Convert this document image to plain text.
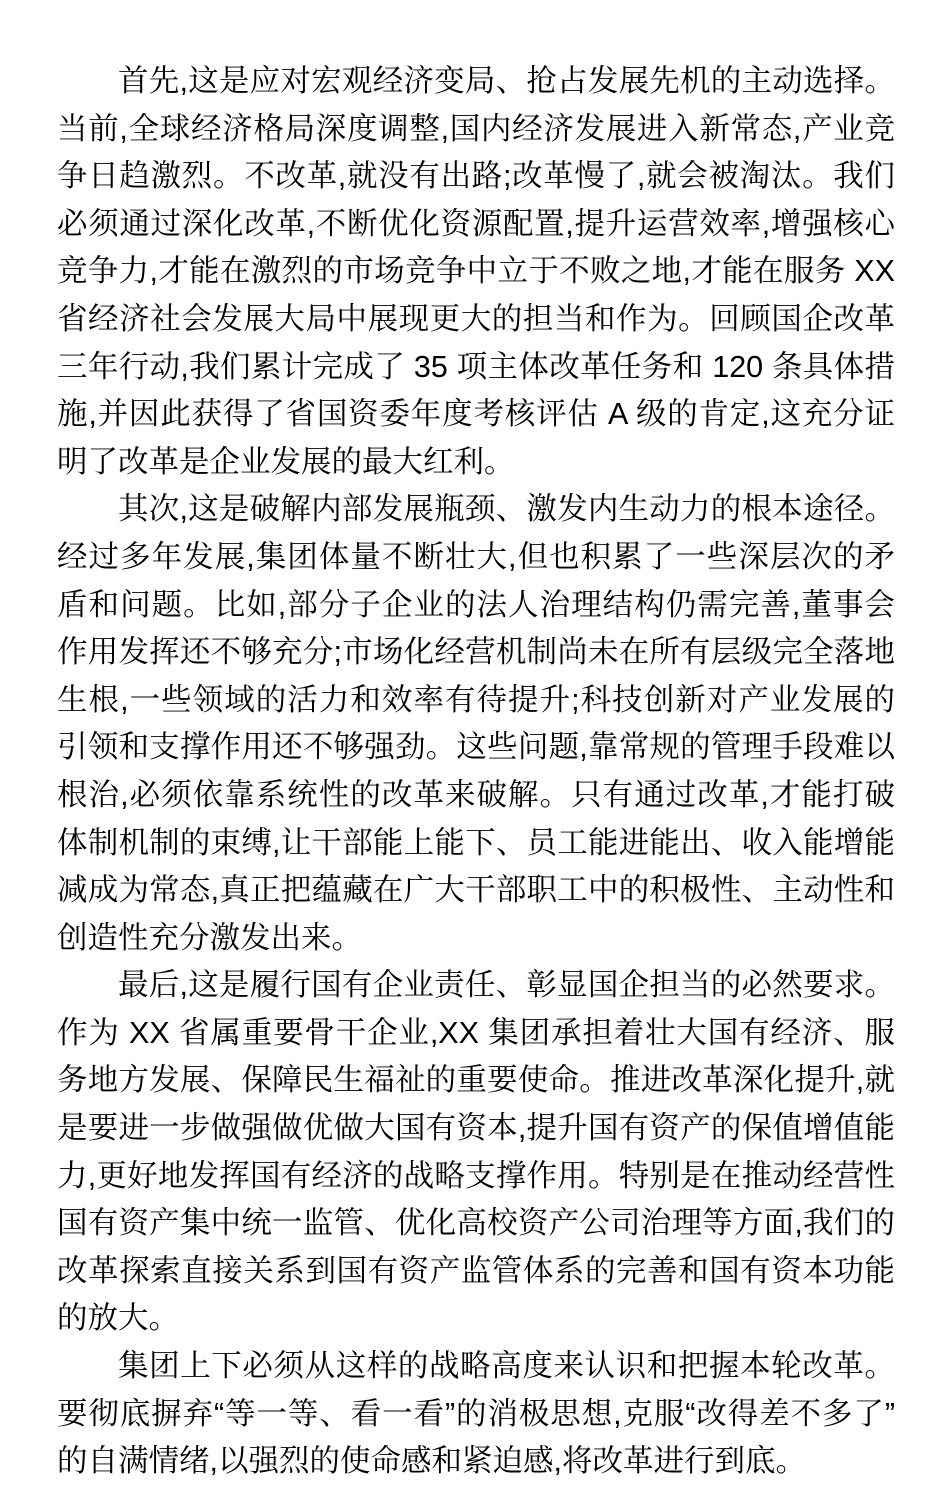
首先,这是应对宏观经济变局、抢占发展先机的主动选择。当前,全球经济格局深度调整,国内经济发展进入新常态,产业竞争日趋激烈。不改革,就没有出路;改革慢了,就会被淘汰。我们必须通过深化改革,不断优化资源配置,提升运营效率,增强核心竞争力,才能在激烈的市场竞争中立于不败之地,才能在服务 XX 省经济社会发展大局中展现更大的担当和作为。回顾国企改革三年行动,我们累计完成了 35 项主体改革任务和 120 条具体措施,并因此获得了省国资委年度考核评估 A 级的肯定,这充分证明了改革是企业发展的最大红利。

其次,这是破解内部发展瓶颈、激发内生动力的根本途径。经过多年发展,集团体量不断壮大,但也积累了一些深层次的矛盾和问题。比如,部分子企业的法人治理结构仍需完善,董事会作用发挥还不够充分;市场化经营机制尚未在所有层级完全落地生根,一些领域的活力和效率有待提升;科技创新对产业发展的引领和支撑作用还不够强劲。这些问题,靠常规的管理手段难以根治,必须依靠系统性的改革来破解。只有通过改革,才能打破体制机制的束缚,让干部能上能下、员工能进能出、收入能增能减成为常态,真正把蕴藏在广大干部职工中的积极性、主动性和创造性充分激发出来。

最后,这是履行国有企业责任、彰显国企担当的必然要求。作为 XX 省属重要骨干企业,XX 集团承担着壮大国有经济、服务地方发展、保障民生福祉的重要使命。推进改革深化提升,就是要进一步做强做优做大国有资本,提升国有资产的保值增值能力,更好地发挥国有经济的战略支撑作用。特别是在推动经营性国有资产集中统一监管、优化高校资产公司治理等方面,我们的改革探索直接关系到国有资产监管体系的完善和国有资本功能的放大。

集团上下必须从这样的战略高度来认识和把握本轮改革。要彻底摒弃“等一等、看一看”的消极思想,克服“改得差不多了”的自满情绪,以强烈的使命感和紧迫感,将改革进行到底。
